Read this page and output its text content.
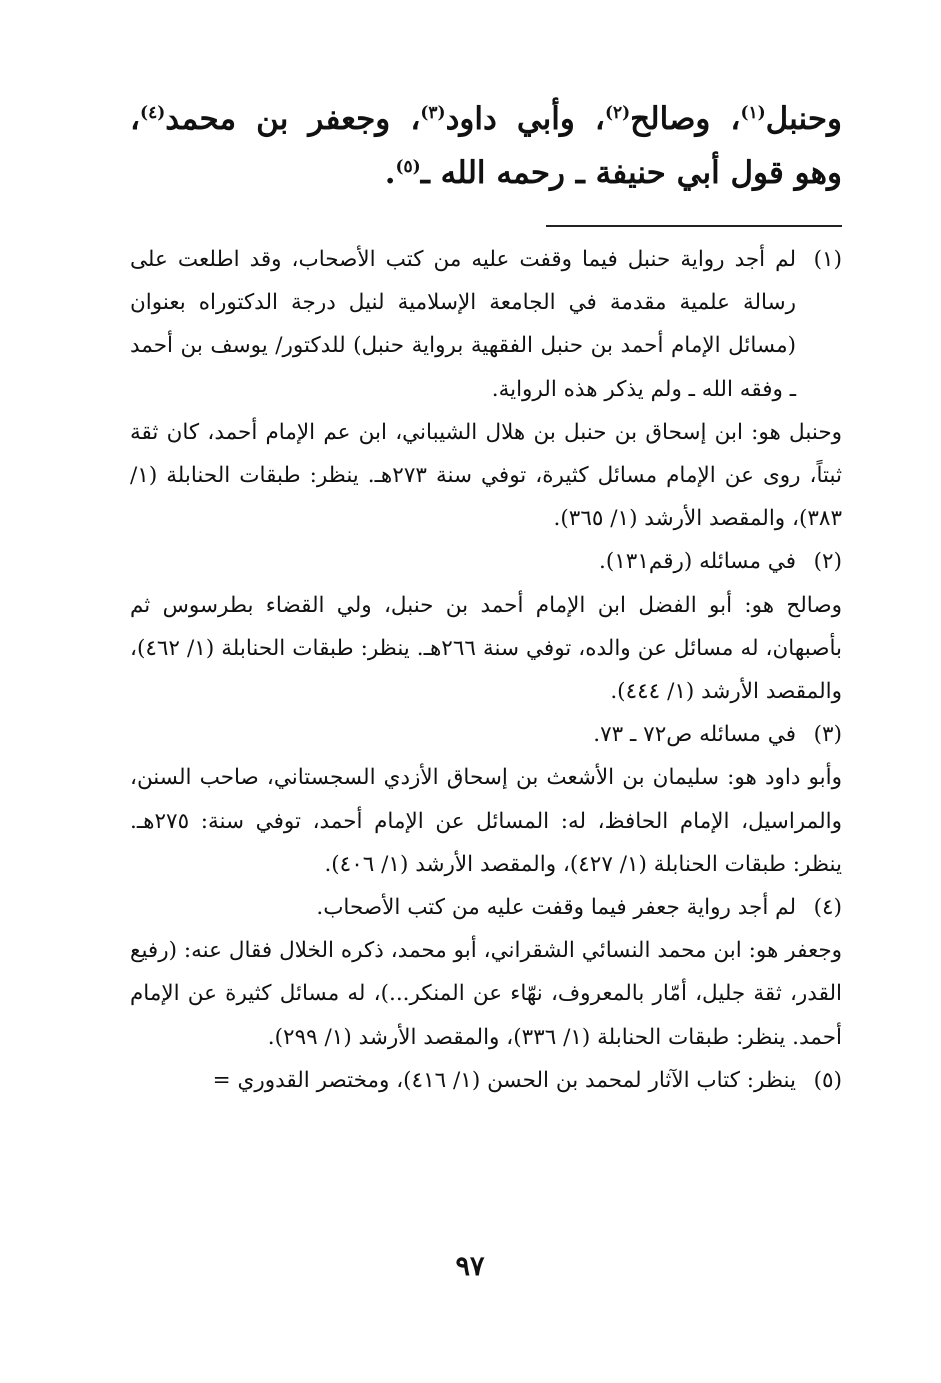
وحنبل$^{(١)}$، وصالح$^{(٢)}$، وأبي داود$^{(٣)}$، وجعفر بن محمد$^{(٤)}$، وهو قول أبي حنيفة ـ رحمه الله ـ$^{(٥)}$.
(١)
لم أجد رواية حنبل فيما وقفت عليه من كتب الأصحاب، وقد اطلعت على رسالة علمية مقدمة في الجامعة الإسلامية لنيل درجة الدكتوراه بعنوان (مسائل الإمام أحمد بن حنبل الفقهية برواية حنبل) للدكتور/ يوسف بن أحمد ـ وفقه الله ـ ولم يذكر هذه الرواية.
وحنبل هو: ابن إسحاق بن حنبل بن هلال الشيباني، ابن عم الإمام أحمد، كان ثقة ثبتاً، روى عن الإمام مسائل كثيرة، توفي سنة ٢٧٣هـ. ينظر: طبقات الحنابلة (١/ ٣٨٣)، والمقصد الأرشد (١/ ٣٦٥).
(٢)
في مسائله (رقم١٣١).
وصالح هو: أبو الفضل ابن الإمام أحمد بن حنبل، ولي القضاء بطرسوس ثم بأصبهان، له مسائل عن والده، توفي سنة ٢٦٦هـ. ينظر: طبقات الحنابلة (١/ ٤٦٢)، والمقصد الأرشد (١/ ٤٤٤).
(٣)
في مسائله ص٧٢ ـ ٧٣.
وأبو داود هو: سليمان بن الأشعث بن إسحاق الأزدي السجستاني، صاحب السنن، والمراسيل، الإمام الحافظ، له: المسائل عن الإمام أحمد، توفي سنة: ٢٧٥هـ. ينظر: طبقات الحنابلة (١/ ٤٢٧)، والمقصد الأرشد (١/ ٤٠٦).
(٤)
لم أجد رواية جعفر فيما وقفت عليه من كتب الأصحاب.
وجعفر هو: ابن محمد النسائي الشقراني، أبو محمد، ذكره الخلال فقال عنه: (رفيع القدر، ثقة جليل، أمّار بالمعروف، نهّاء عن المنكر...)، له مسائل كثيرة عن الإمام أحمد. ينظر: طبقات الحنابلة (١/ ٣٣٦)، والمقصد الأرشد (١/ ٢٩٩).
(٥)
ينظر: كتاب الآثار لمحمد بن الحسن (١/ ٤١٦)، ومختصر القدوري =
٩٧
